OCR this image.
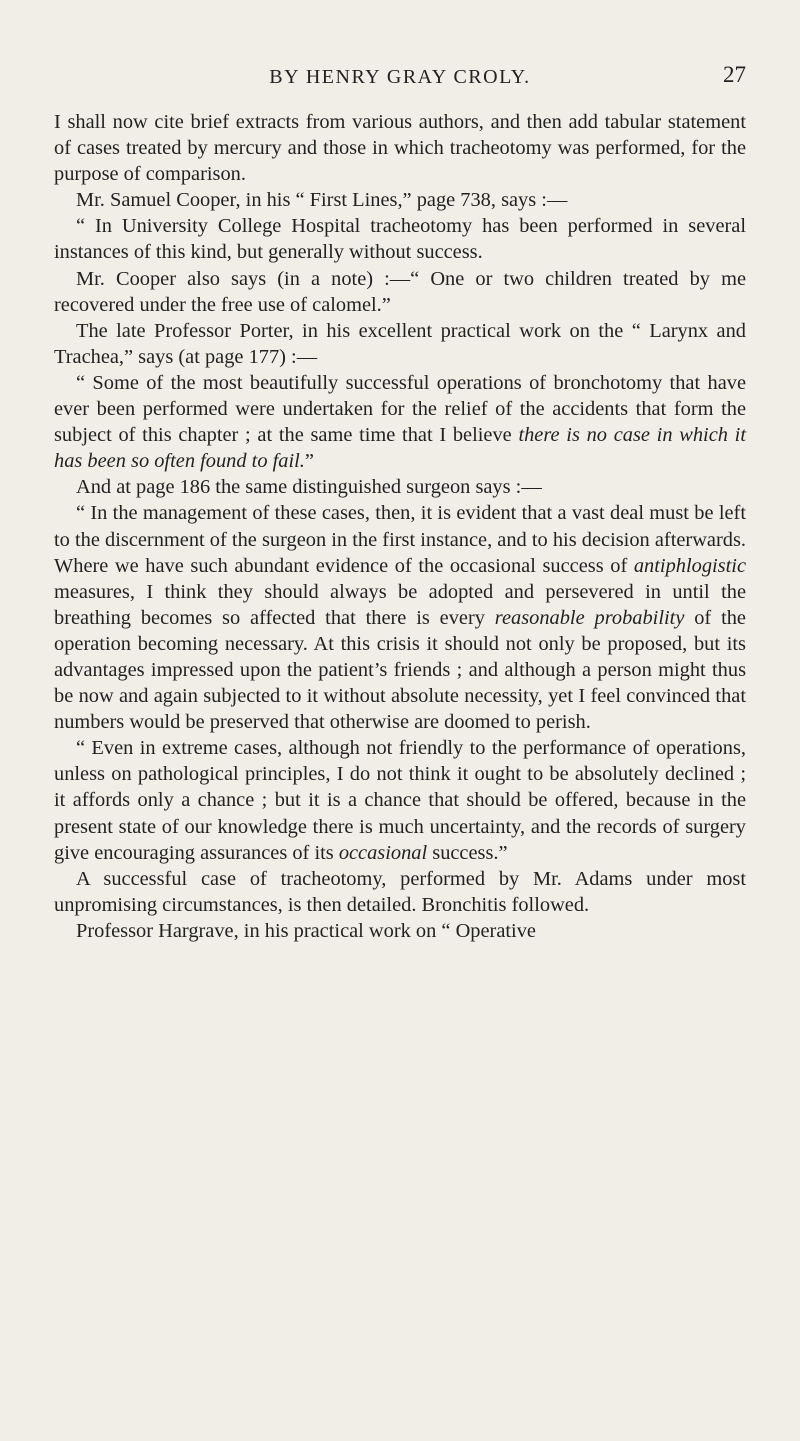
BY HENRY GRAY CROLY.	27

I shall now cite brief extracts from various authors, and then add tabular statement of cases treated by mercury and those in which tracheotomy was performed, for the purpose of comparison.

Mr. Samuel Cooper, in his “ First Lines,” page 738, says :—

“ In University College Hospital tracheotomy has been performed in several instances of this kind, but generally without success.

Mr. Cooper also says (in a note) :—“ One or two children treated by me recovered under the free use of calomel.”

The late Professor Porter, in his excellent practical work on the “ Larynx and Trachea,” says (at page 177) :—

“ Some of the most beautifully successful operations of bronchotomy that have ever been performed were undertaken for the relief of the accidents that form the subject of this chapter ; at the same time that I believe there is no case in which it has been so often found to fail.”

And at page 186 the same distinguished surgeon says :—

“ In the management of these cases, then, it is evident that a vast deal must be left to the discernment of the surgeon in the first instance, and to his decision afterwards. Where we have such abundant evidence of the occasional success of antiphlogistic measures, I think they should always be adopted and persevered in until the breathing becomes so affected that there is every reasonable probability of the operation becoming necessary. At this crisis it should not only be proposed, but its advantages impressed upon the patient’s friends ; and although a person might thus be now and again subjected to it without absolute necessity, yet I feel convinced that numbers would be preserved that otherwise are doomed to perish.

“ Even in extreme cases, although not friendly to the performance of operations, unless on pathological principles, I do not think it ought to be absolutely declined ; it affords only a chance ; but it is a chance that should be offered, because in the present state of our knowledge there is much uncertainty, and the records of surgery give encouraging assurances of its occasional success.”

A successful case of tracheotomy, performed by Mr. Adams under most unpromising circumstances, is then detailed. Bronchitis followed.

Professor Hargrave, in his practical work on “ Operative
